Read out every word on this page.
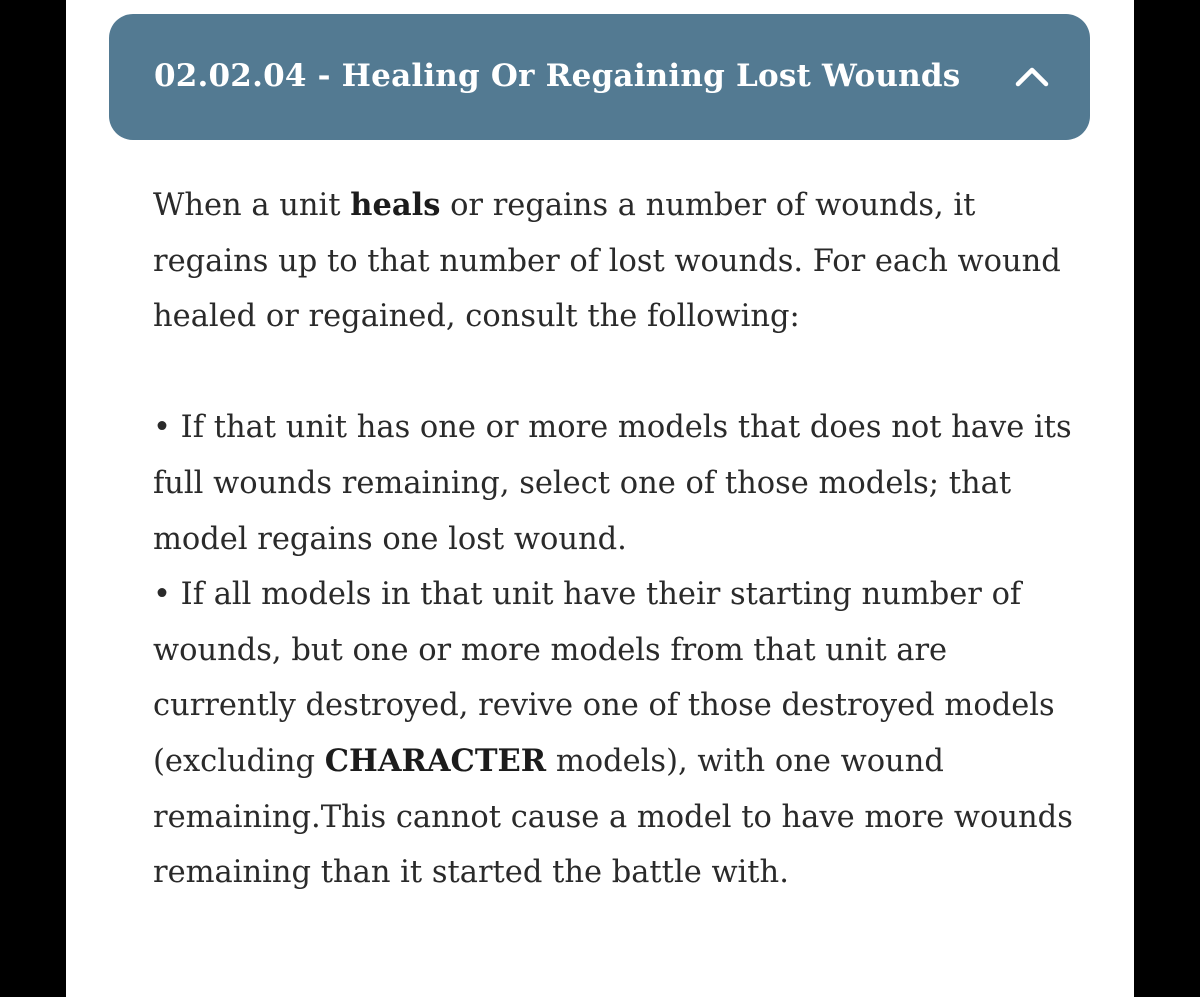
02.02.04 - Healing Or Regaining Lost Wounds

When a unit heals or regains a number of wounds, it regains up to that number of lost wounds. For each wound healed or regained, consult the following:

• If that unit has one or more models that does not have its full wounds remaining, select one of those models; that model regains one lost wound.

• If all models in that unit have their starting number of wounds, but one or more models from that unit are currently destroyed, revive one of those destroyed models (excluding CHARACTER models), with one wound remaining.This cannot cause a model to have more wounds remaining than it started the battle with.
